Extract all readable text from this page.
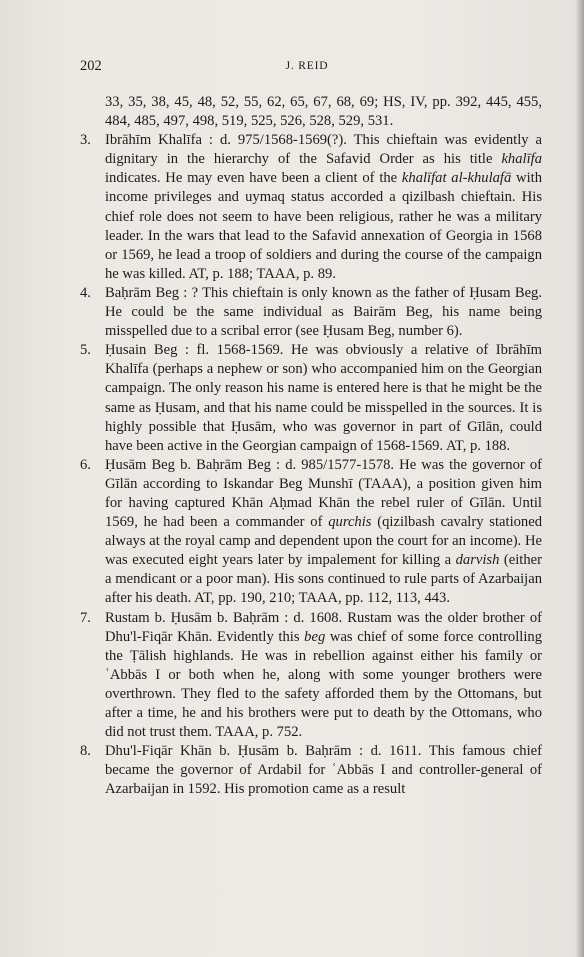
202	J. REID

33, 35, 38, 45, 48, 52, 55, 62, 65, 67, 68, 69; HS, IV, pp. 392, 445, 455, 484, 485, 497, 498, 519, 525, 526, 528, 529, 531.

3. Ibrāhīm Khalīfa : d. 975/1568-1569(?). This chieftain was evidently a dignitary in the hierarchy of the Safavid Order as his title khalīfa indicates. He may even have been a client of the khalīfat al-khulafā with income privileges and uymaq status accorded a qizilbash chieftain. His chief role does not seem to have been religious, rather he was a military leader. In the wars that lead to the Safavid annexation of Georgia in 1568 or 1569, he lead a troop of soldiers and during the course of the campaign he was killed. AT, p. 188; TAAA, p. 89.

4. Baḥrām Beg : ? This chieftain is only known as the father of Ḥusam Beg. He could be the same individual as Bairām Beg, his name being misspelled due to a scribal error (see Ḥusam Beg, number 6).

5. Ḥusain Beg : fl. 1568-1569. He was obviously a relative of Ibrāhīm Khalīfa (perhaps a nephew or son) who accompanied him on the Georgian campaign. The only reason his name is entered here is that he might be the same as Ḥusam, and that his name could be misspelled in the sources. It is highly possible that Ḥusām, who was governor in part of Gīlān, could have been active in the Georgian campaign of 1568-1569. AT, p. 188.

6. Ḥusām Beg b. Baḥrām Beg : d. 985/1577-1578. He was the governor of Gīlān according to Iskandar Beg Munshī (TAAA), a position given him for having captured Khān Aḥmad Khān the rebel ruler of Gīlān. Until 1569, he had been a commander of qurchis (qizilbash cavalry stationed always at the royal camp and dependent upon the court for an income). He was executed eight years later by impalement for killing a darvish (either a mendicant or a poor man). His sons continued to rule parts of Azarbaijan after his death. AT, pp. 190, 210; TAAA, pp. 112, 113, 443.

7. Rustam b. Ḥusām b. Baḥrām : d. 1608. Rustam was the older brother of Dhu'l-Fiqār Khān. Evidently this beg was chief of some force controlling the Ṭālish highlands. He was in rebellion against either his family or ʿAbbās I or both when he, along with some younger brothers were overthrown. They fled to the safety afforded them by the Ottomans, but after a time, he and his brothers were put to death by the Ottomans, who did not trust them. TAAA, p. 752.

8. Dhu'l-Fiqār Khān b. Ḥusām b. Baḥrām : d. 1611. This famous chief became the governor of Ardabil for ʿAbbās I and controller-general of Azarbaijan in 1592. His promotion came as a result
